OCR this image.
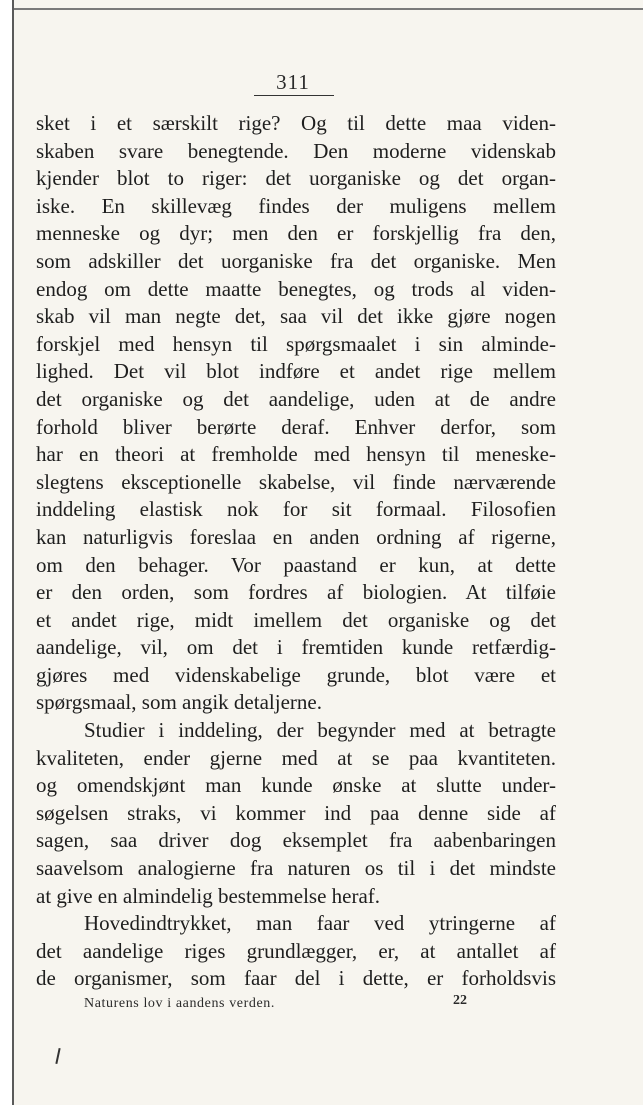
311
sket i et særskilt rige? Og til dette maa viden-
skaben svare benegtende. Den moderne videnskab
kjender blot to riger: det uorganiske og det organ-
iske. En skillevæg findes der muligens mellem
menneske og dyr; men den er forskjellig fra den,
som adskiller det uorganiske fra det organiske. Men
endog om dette maatte benegtes, og trods al viden-
skab vil man negte det, saa vil det ikke gjøre nogen
forskjel med hensyn til spørgsmaalet i sin alminde-
lighed. Det vil blot indføre et andet rige mellem
det organiske og det aandelige, uden at de andre
forhold bliver berørte deraf. Enhver derfor, som
har en theori at fremholde med hensyn til meneske-
slegtens eksceptionelle skabelse, vil finde nærværende
inddeling elastisk nok for sit formaal. Filosofien
kan naturligvis foreslaa en anden ordning af rigerne,
om den behager. Vor paastand er kun, at dette
er den orden, som fordres af biologien. At tilføie
et andet rige, midt imellem det organiske og det
aandelige, vil, om det i fremtiden kunde retfærdig-
gjøres med videnskabelige grunde, blot være et
spørgsmaal, som angik detaljerne.
Studier i inddeling, der begynder med at betragte
kvaliteten, ender gjerne med at se paa kvantiteten.
og omendskjønt man kunde ønske at slutte under-
søgelsen straks, vi kommer ind paa denne side af
sagen, saa driver dog eksemplet fra aabenbaringen
saavelsom analogierne fra naturen os til i det mindste
at give en almindelig bestemmelse heraf.
Hovedindtrykket, man faar ved ytringerne af
det aandelige riges grundlægger, er, at antallet af
de organismer, som faar del i dette, er forholdsvis
Naturens lov i aandens verden.	22
